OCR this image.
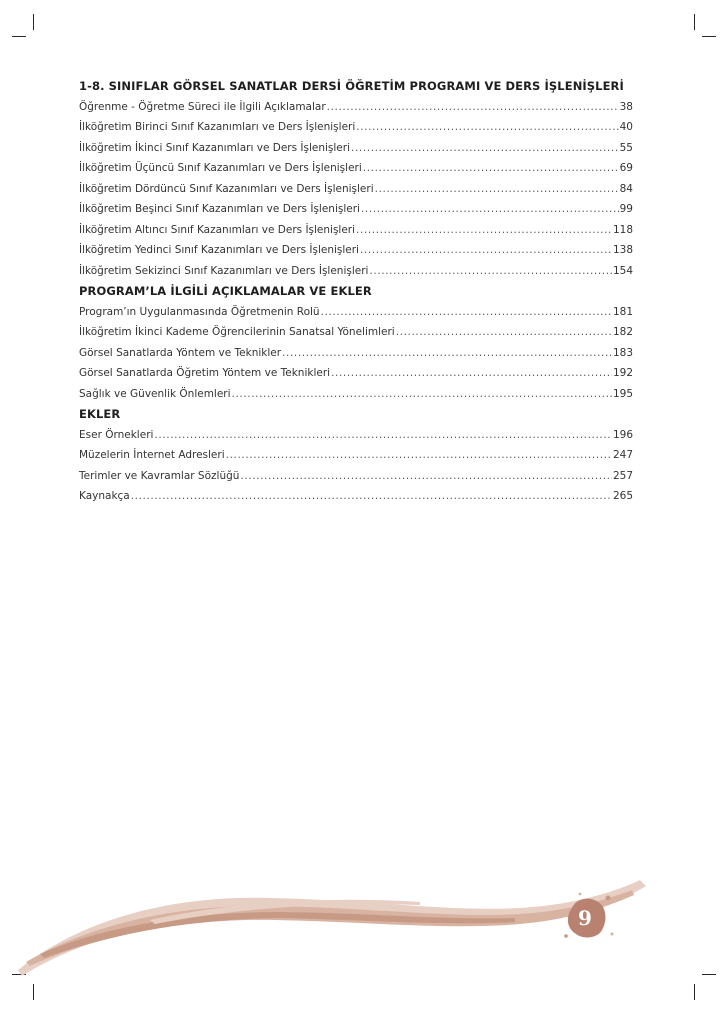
1-8. SINIFLAR GÖRSEL SANATLAR DERSİ ÖĞRETİM PROGRAMI VE DERS İŞLENİŞLERİ
Öğrenme - Öğretme Süreci ile İlgili Açıklamalar .....	38
İlköğretim Birinci Sınıf Kazanımları ve Ders İşlenişleri .....	40
İlköğretim İkinci Sınıf Kazanımları ve Ders İşlenişleri .....	55
İlköğretim Üçüncü Sınıf Kazanımları ve Ders İşlenişleri .....	69
İlköğretim Dördüncü Sınıf Kazanımları ve Ders İşlenişleri .....	84
İlköğretim Beşinci Sınıf Kazanımları ve Ders İşlenişleri .....	99
İlköğretim Altıncı Sınıf Kazanımları ve Ders İşlenişleri .....	118
İlköğretim Yedinci Sınıf Kazanımları ve Ders İşlenişleri .....	138
İlköğretim Sekizinci Sınıf Kazanımları ve Ders İşlenişleri .....	154
PROGRAM’LA İLGİLİ AÇIKLAMALAR VE EKLER
Program’ın Uygulanmasında Öğretmenin Rolü .....	181
İlköğretim İkinci Kademe Öğrencilerinin Sanatsal Yönelimleri .....	182
Görsel Sanatlarda Yöntem ve Teknikler .....	183
Görsel Sanatlarda Öğretim Yöntem ve Teknikleri .....	192
Sağlık ve Güvenlik Önlemleri .....	195
EKLER
Eser Örnekleri .....	196
Müzelerin İnternet Adresleri .....	247
Terimler ve Kavramlar Sözlüğü .....	257
Kaynakça .....	265
9
